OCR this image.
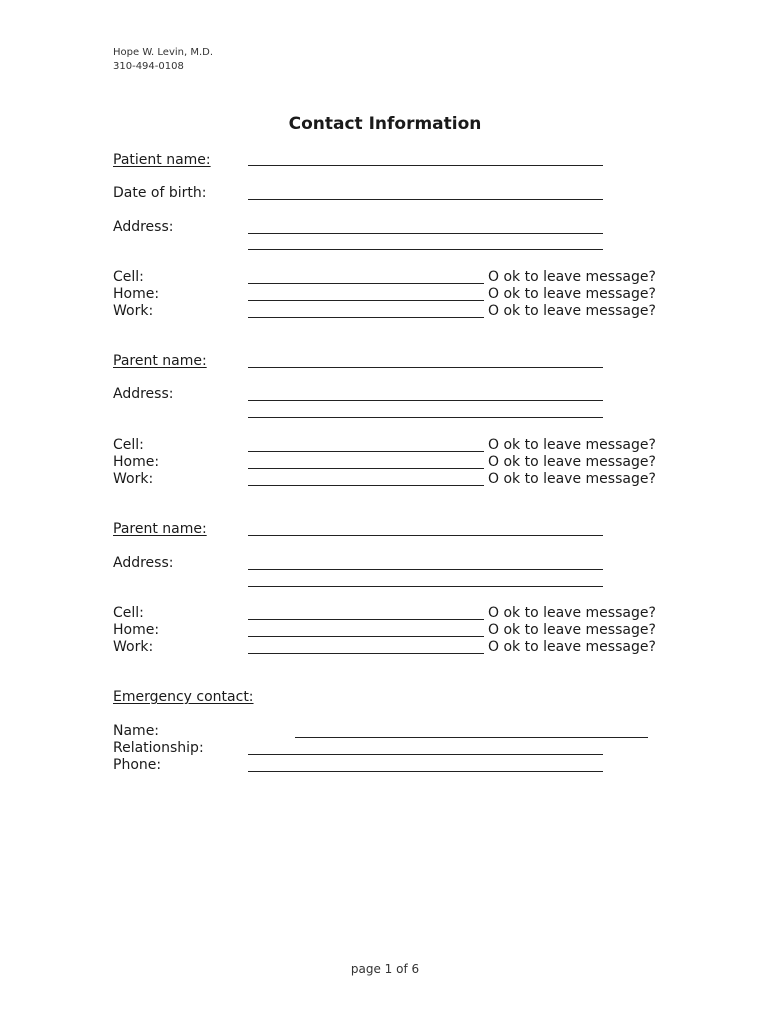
Hope W. Levin, M.D.
310-494-0108
Contact Information
Patient name:
Date of birth:
Address:
Cell:	O ok to leave message?
Home:	O ok to leave message?
Work:	O ok to leave message?
Parent name:
Address:
Cell:	O ok to leave message?
Home:	O ok to leave message?
Work:	O ok to leave message?
Parent name:
Address:
Cell:	O ok to leave message?
Home:	O ok to leave message?
Work:	O ok to leave message?
Emergency contact:
Name:
Relationship:
Phone:
page 1 of 6
